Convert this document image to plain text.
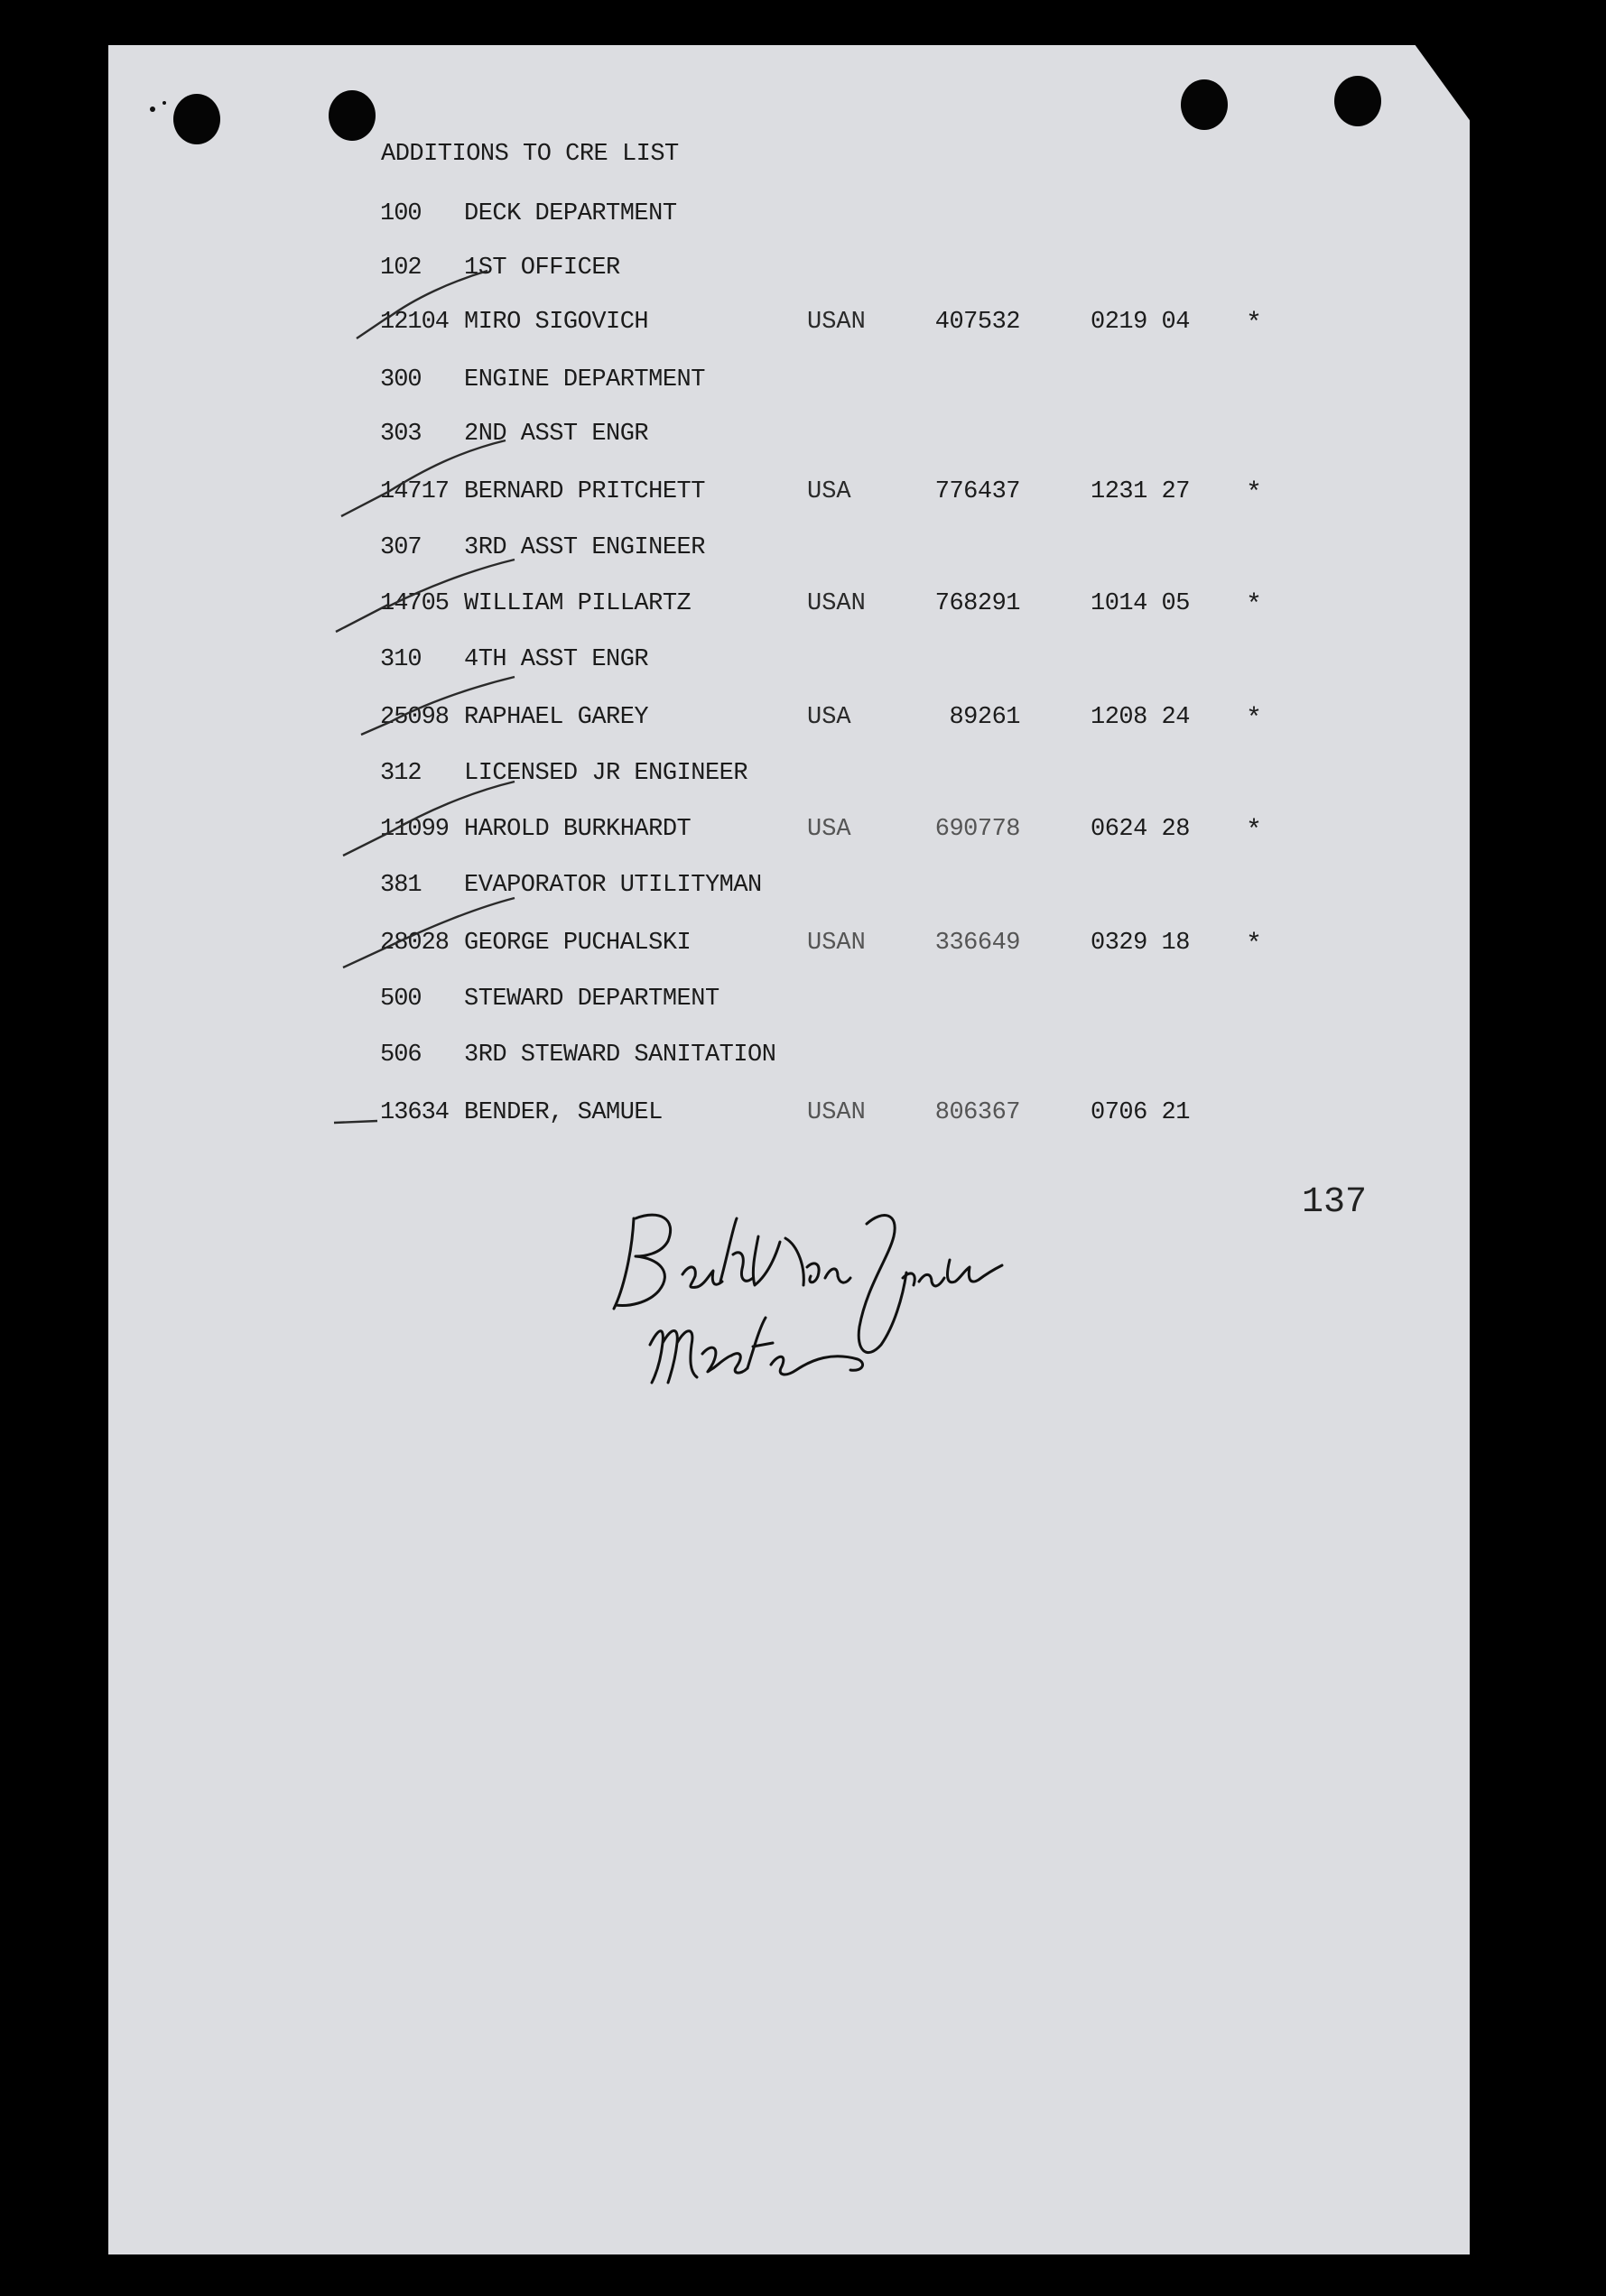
ADDITIONS TO CRE LIST
100 DECK DEPARTMENT
102 1ST OFFICER
12104 MIRO SIGOVICH	USAN	407532	0219 04 *
300 ENGINE DEPARTMENT
303 2ND ASST ENGR
14717 BERNARD PRITCHETT	USA	776437	1231 27 *
307 3RD ASST ENGINEER
14705 WILLIAM PILLARTZ	USAN	768291	1014 05 *
310 4TH ASST ENGR
25098 RAPHAEL GAREY	USA	89261	1208 24 *
312 LICENSED JR ENGINEER
11099 HAROLD BURKHARDT	USA	690778	0624 28 *
381 EVAPORATOR UTILITYMAN
28028 GEORGE PUCHALSKI	USAN	336649	0329 18 *
500 STEWARD DEPARTMENT
506 3RD STEWARD SANITATION
13634 BENDER, SAMUEL	USAN	806367	0706 21
137
